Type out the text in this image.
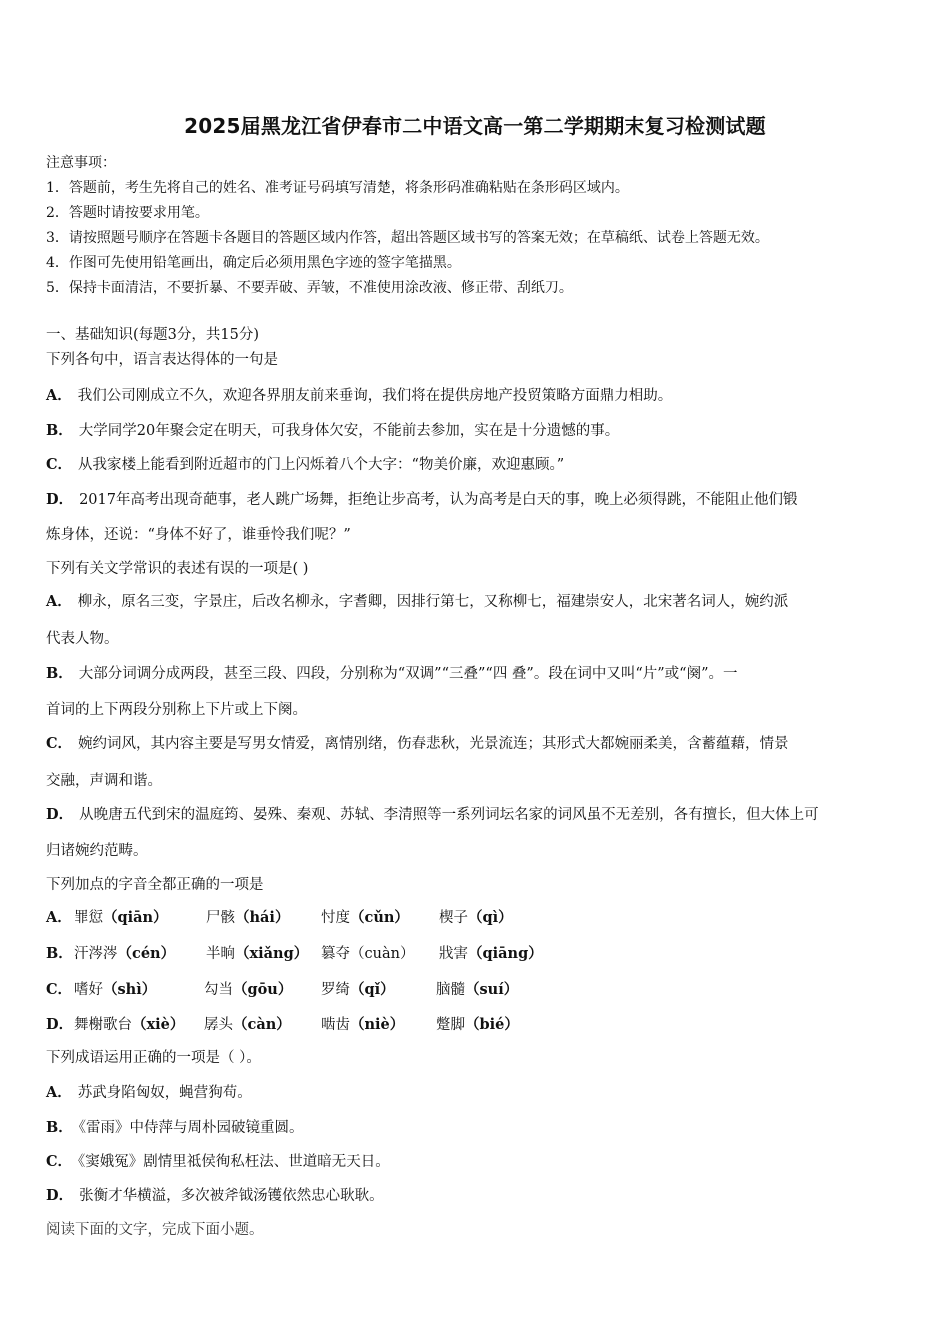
2025届黑龙江省伊春市二中语文高一第二学期期末复习检测试题
注意事项：
1．答题前，考生先将自己的姓名、准考证号码填写清楚，将条形码准确粘贴在条形码区域内。
2．答题时请按要求用笔。
3．请按照题号顺序在答题卡各题目的答题区域内作答，超出答题区域书写的答案无效；在草稿纸、试卷上答题无效。
4．作图可先使用铅笔画出，确定后必须用黑色字迹的签字笔描黑。
5．保持卡面清洁，不要折暴、不要弄破、弄皱，不准使用涂改液、修正带、刮纸刀。
一、基础知识(每题3分，共15分)
下列各句中，语言表达得体的一句是
A． 我们公司刚成立不久，欢迎各界朋友前来垂询，我们将在提供房地产投贸策略方面鼎力相助。
B． 大学同学20年聚会定在明天，可我身体欠安，不能前去参加，实在是十分遗憾的事。
C． 从我家楼上能看到附近超市的门上闪烁着八个大字：“物美价廉，欢迎惠顾。”
D． 2017年高考出现奇葩事，老人跳广场舞，拒绝让步高考，认为高考是白天的事，晚上必须得跳，不能阻止他们锻
炼身体，还说：“身体不好了，谁垂怜我们呢？”
下列有关文学常识的表述有误的一项是( )
A． 柳永，原名三变，字景庄，后改名柳永，字耆卿，因排行第七，又称柳七，福建崇安人，北宋著名词人，婉约派
代表人物。
B． 大部分词调分成两段，甚至三段、四段，分别称为“双调”“三叠”“四 叠”。段在词中又叫“片”或“阕”。一
首词的上下两段分别称上下片或上下阕。
C． 婉约词风，其内容主要是写男女情爱，离情别绪，伤春悲秋，光景流连；其形式大都婉丽柔美，含蓄蕴藉，情景
交融，声调和谐。
D． 从晚唐五代到宋的温庭筠、晏殊、秦观、苏轼、李清照等一系列词坛名家的词风虽不无差别，各有擅长，但大体上可
归诸婉约范畴。
下列加点的字音全都正确的一项是
A． 罪愆（qiān）	尸骸（hái） 忖度（cǔn） 楔子（qì）
B． 汗涔涔（cén） 半晌（xiǎng） 篡夺（cuàn） 戕害（qiāng）
C． 嗜好（shì）	勾当（gōu） 罗绮（qǐ）	脑髓（suí）
D． 舞榭歌台（xiè） 孱头（càn） 啮齿（niè） 蹩脚（bié）
下列成语运用正确的一项是（ ）。
A． 苏武身陷匈奴，蝇营狗苟。
B． 《雷雨》中侍萍与周朴园破镜重圆。
C． 《窦娥冤》剧情里祗侯徇私枉法、世道暗无天日。
D． 张衡才华横溢，多次被斧钺汤镬依然忠心耿耿。
阅读下面的文字，完成下面小题。
